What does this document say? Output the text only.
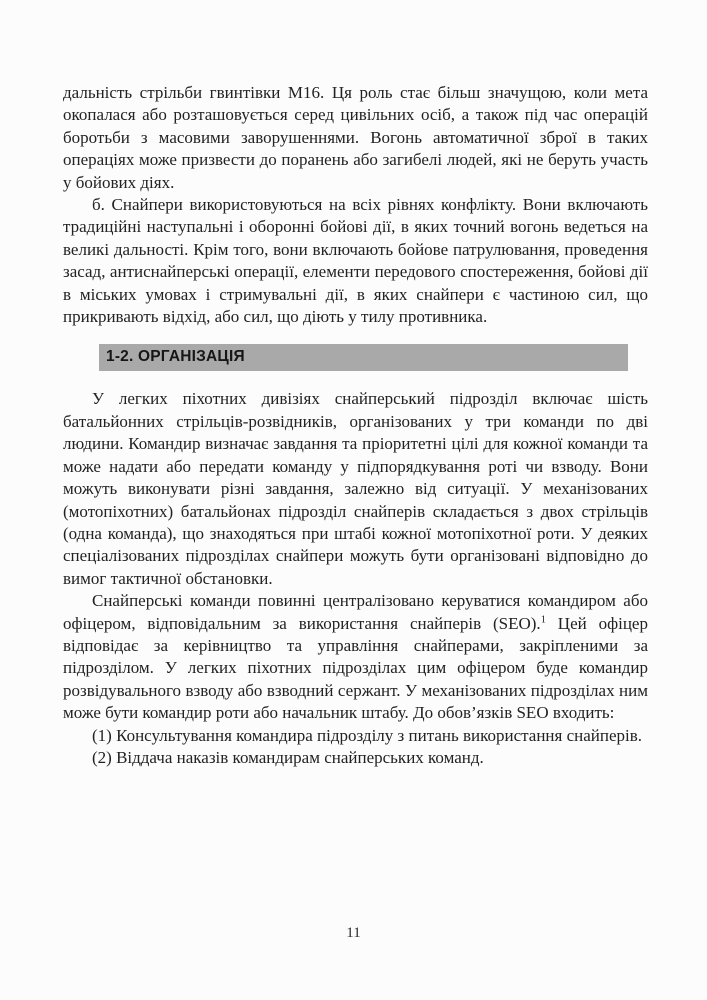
дальність стрільби гвинтівки М16. Ця роль стає більш значущою, коли мета окопалася або розташовується серед цивільних осіб, а також під час операцій боротьби з масовими заворушеннями. Вогонь автоматичної зброї в таких операціях може призвести до поранень або загибелі людей, які не беруть участь у бойових діях.

б. Снайпери використовуються на всіх рівнях конфлікту. Вони включають традиційні наступальні і оборонні бойові дії, в яких точний вогонь ведеться на великі дальності. Крім того, вони включають бойове патрулювання, проведення засад, антиснайперські операції, елементи передового спостереження, бойові дії в міських умовах і стримувальні дії, в яких снайпери є частиною сил, що прикривають відхід, або сил, що діють у тилу противника.

1-2. ОРГАНІЗАЦІЯ

У легких піхотних дивізіях снайперський підрозділ включає шість батальйонних стрільців-розвідників, організованих у три команди по дві людини. Командир визначає завдання та пріоритетні цілі для кожної команди та може надати або передати команду у підпорядкування роті чи взводу. Вони можуть виконувати різні завдання, залежно від ситуації. У механізованих (мотопіхотних) батальйонах підрозділ снайперів складається з двох стрільців (одна команда), що знаходяться при штабі кожної мотопіхотної роти. У деяких спеціалізованих підрозділах снайпери можуть бути організовані відповідно до вимог тактичної обстановки.

Снайперські команди повинні централізовано керуватися командиром або офіцером, відповідальним за використання снайперів (SEO).$^1$ Цей офіцер відповідає за керівництво та управління снайперами, закріпленими за підрозділом. У легких піхотних підрозділах цим офіцером буде командир розвідувального взводу або взводний сержант. У механізованих підрозділах ним може бути командир роти або начальник штабу. До обов’язків SEO входить:

(1) Консультування командира підрозділу з питань використання снайперів.

(2) Віддача наказів командирам снайперських команд.

11
